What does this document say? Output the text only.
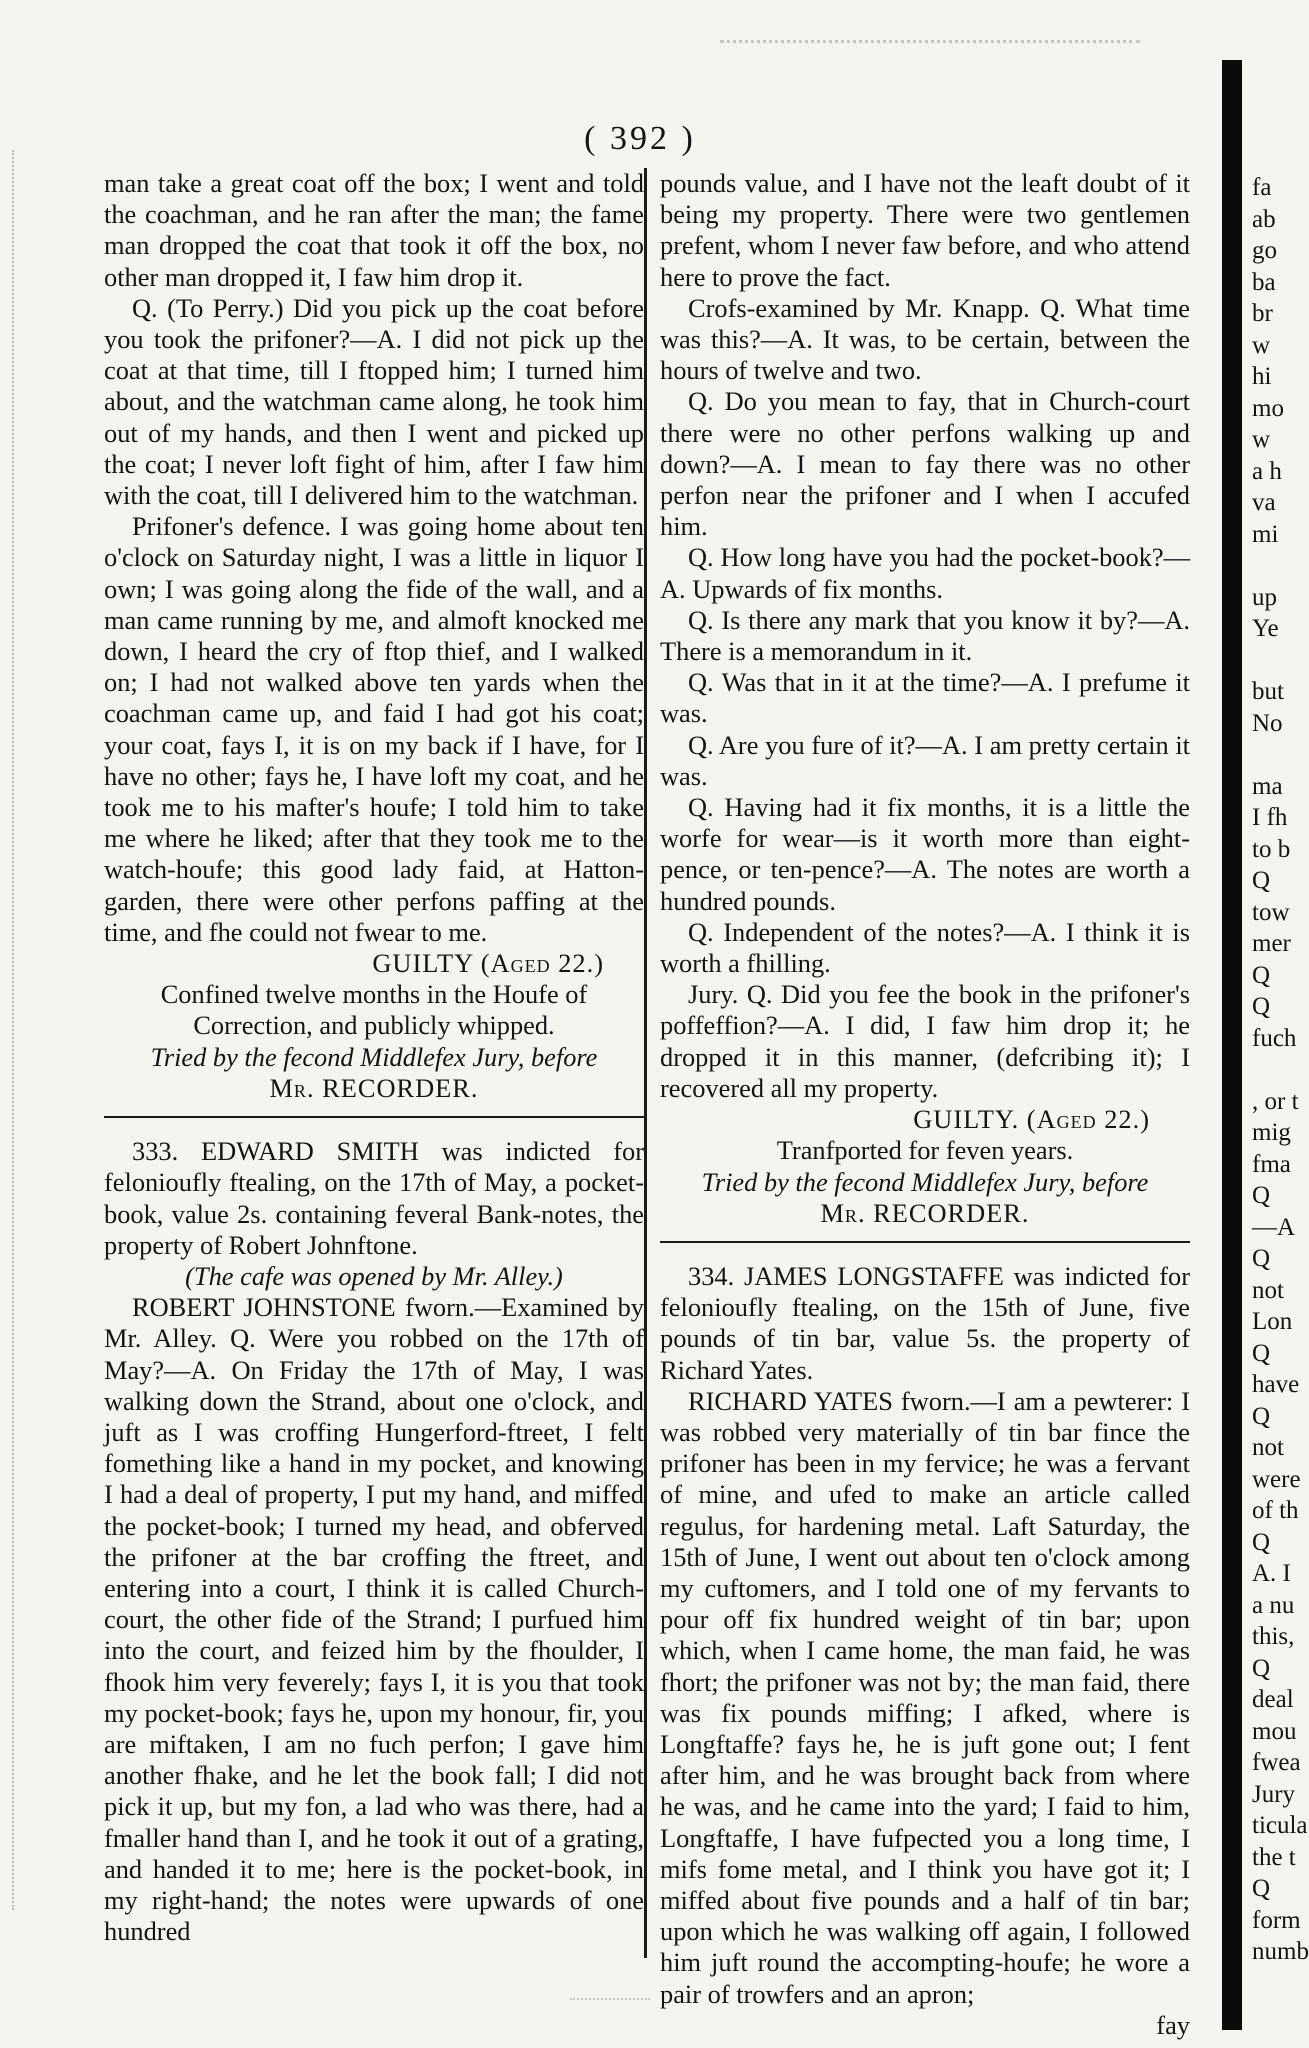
( 392 )

man take a great coat off the box; I went and told the coachman, and he ran after the man; the fame man dropped the coat that took it off the box, no other man dropped it, I faw him drop it.

Q. (To Perry.) Did you pick up the coat before you took the prifoner?—A. I did not pick up the coat at that time, till I ftopped him; I turned him about, and the watchman came along, he took him out of my hands, and then I went and picked up the coat; I never loft fight of him, after I faw him with the coat, till I delivered him to the watchman.

Prifoner's defence. I was going home about ten o'clock on Saturday night, I was a little in liquor I own; I was going along the fide of the wall, and a man came running by me, and almoft knocked me down, I heard the cry of ftop thief, and I walked on; I had not walked above ten yards when the coachman came up, and faid I had got his coat; your coat, fays I, it is on my back if I have, for I have no other; fays he, I have loft my coat, and he took me to his mafter's houfe; I told him to take me where he liked; after that they took me to the watch-houfe; this good lady faid, at Hatton-garden, there were other perfons paffing at the time, and fhe could not fwear to me.

GUILTY (Aged 22.)

Confined twelve months in the Houfe of Correction, and publicly whipped.

Tried by the fecond Middlefex Jury, before

Mr. RECORDER.

333. EDWARD SMITH was indicted for felonioufly ftealing, on the 17th of May, a pocket-book, value 2s. containing feveral Bank-notes, the property of Robert Johnftone.

(The cafe was opened by Mr. Alley.)

ROBERT JOHNSTONE fworn.—Examined by Mr. Alley. Q. Were you robbed on the 17th of May?—A. On Friday the 17th of May, I was walking down the Strand, about one o'clock, and juft as I was croffing Hungerford-ftreet, I felt fomething like a hand in my pocket, and knowing I had a deal of property, I put my hand, and miffed the pocket-book; I turned my head, and obferved the prifoner at the bar croffing the ftreet, and entering into a court, I think it is called Church-court, the other fide of the Strand; I purfued him into the court, and feized him by the fhoulder, I fhook him very feverely; fays I, it is you that took my pocket-book; fays he, upon my honour, fir, you are miftaken, I am no fuch perfon; I gave him another fhake, and he let the book fall; I did not pick it up, but my fon, a lad who was there, had a fmaller hand than I, and he took it out of a grating, and handed it to me; here is the pocket-book, in my right-hand; the notes were upwards of one hundred

pounds value, and I have not the leaft doubt of it being my property. There were two gentlemen prefent, whom I never faw before, and who attend here to prove the fact.

Crofs-examined by Mr. Knapp. Q. What time was this?—A. It was, to be certain, between the hours of twelve and two.

Q. Do you mean to fay, that in Church-court there were no other perfons walking up and down?—A. I mean to fay there was no other perfon near the prifoner and I when I accufed him.

Q. How long have you had the pocket-book?—A. Upwards of fix months.

Q. Is there any mark that you know it by?—A. There is a memorandum in it.

Q. Was that in it at the time?—A. I prefume it was.

Q. Are you fure of it?—A. I am pretty certain it was.

Q. Having had it fix months, it is a little the worfe for wear—is it worth more than eight-pence, or ten-pence?—A. The notes are worth a hundred pounds.

Q. Independent of the notes?—A. I think it is worth a fhilling.

Jury. Q. Did you fee the book in the prifoner's poffeffion?—A. I did, I faw him drop it; he dropped it in this manner, (defcribing it); I recovered all my property.

GUILTY. (Aged 22.)

Tranfported for feven years.

Tried by the fecond Middlefex Jury, before

Mr. RECORDER.

334. JAMES LONGSTAFFE was indicted for felonioufly ftealing, on the 15th of June, five pounds of tin bar, value 5s. the property of Richard Yates.

RICHARD YATES fworn.—I am a pewterer: I was robbed very materially of tin bar fince the prifoner has been in my fervice; he was a fervant of mine, and ufed to make an article called regulus, for hardening metal. Laft Saturday, the 15th of June, I went out about ten o'clock among my cuftomers, and I told one of my fervants to pour off fix hundred weight of tin bar; upon which, when I came home, the man faid, he was fhort; the prifoner was not by; the man faid, there was fix pounds miffing; I afked, where is Longftaffe? fays he, he is juft gone out; I fent after him, and he was brought back from where he was, and he came into the yard; I faid to him, Longftaffe, I have fufpected you a long time, I mifs fome metal, and I think you have got it; I miffed about five pounds and a half of tin bar; upon which he was walking off again, I followed him juft round the accompting-houfe; he wore a pair of trowfers and an apron;

fay

fa
ab
go
ba
br
w
hi
mo
w
a h
va
mi

up
Ye

but
No

ma
I fh
to b
Q
tow
mer
Q
Q
fuch

, or t
mig
fma
Q
—A
Q
not
Lon
Q
have
Q
not
were
of th
Q
A. I
a nu
this,
Q
deal
mou
fwea
Jury
ticula
the t
Q
form
numb
